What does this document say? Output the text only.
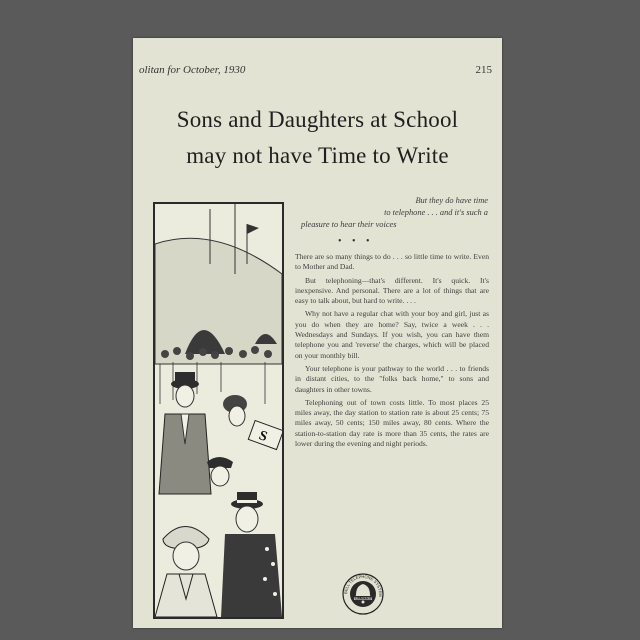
olitan for October, 1930	215
Sons and Daughters at School
may not have Time to Write
S
But they do have time
to telephone . . . and it's such a
pleasure to hear their voices
• • •

There are so many things to do . . . so little time to write. Even to Mother and Dad.

But telephoning—that's different. It's quick. It's inexpensive. And personal. There are a lot of things that are easy to talk about, but hard to write. . . .

Why not have a regular chat with your boy and girl, just as you do when they are home? Say, twice a week . . . Wednesdays and Sundays. If you wish, you can have them telephone you and 'reverse' the charges, which will be placed on your monthly bill.

Your telephone is your pathway to the world . . . to friends in distant cities, to the "folks back home," to sons and daughters in other towns.

Telephoning out of town costs little. To most places 25 miles away, the day station to station rate is about 25 cents; 75 miles away, 50 cents; 150 miles away, 80 cents. Where the station-to-station day rate is more than 35 cents, the rates are lower during the evening and night periods.

BELL TELEPHONE SYSTEM
BELL SYSTEM
